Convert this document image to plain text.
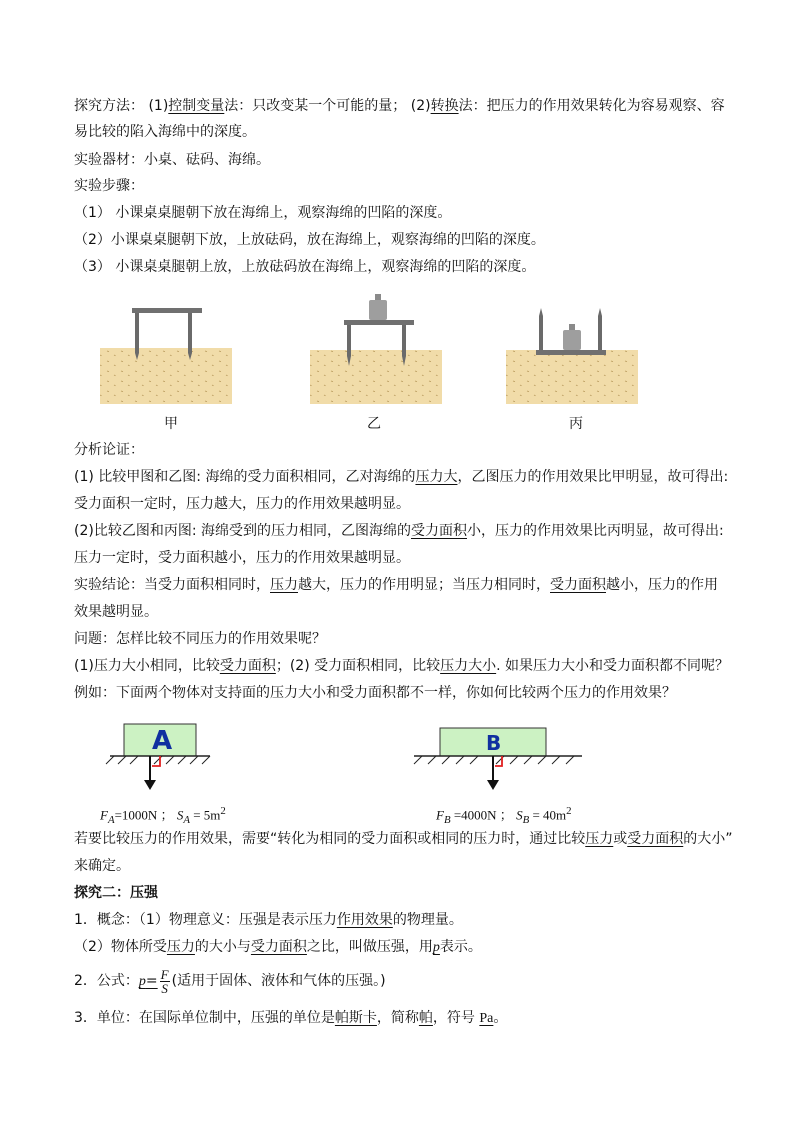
探究方法： (1)控制变量法：只改变某一个可能的量； (2)转换法：把压力的作用效果转化为容易观察、容
易比较的陷入海绵中的深度。
实验器材：小桌、砝码、海绵。
实验步骤：
（1） 小课桌桌腿朝下放在海绵上，观察海绵的凹陷的深度。
（2）小课桌桌腿朝下放，上放砝码，放在海绵上，观察海绵的凹陷的深度。
（3） 小课桌桌腿朝上放，上放砝码放在海绵上，观察海绵的凹陷的深度。
甲	乙	丙
分析论证：
(1) 比较甲图和乙图: 海绵的受力面积相同，乙对海绵的压力大，乙图压力的作用效果比甲明显，故可得出:
受力面积一定时，压力越大，压力的作用效果越明显。
(2)比较乙图和丙图: 海绵受到的压力相同，乙图海绵的受力面积小，压力的作用效果比丙明显，故可得出:
压力一定时，受力面积越小，压力的作用效果越明显。
实验结论：当受力面积相同时，压力越大，压力的作用明显；当压力相同时，受力面积越小，压力的作用
效果越明显。
问题：怎样比较不同压力的作用效果呢？
(1)压力大小相同，比较受力面积；(2) 受力面积相同，比较压力大小. 如果压力大小和受力面积都不同呢？
例如：下面两个物体对支持面的压力大小和受力面积都不一样，你如何比较两个压力的作用效果？
A	B
$F_A=1000N$ ； $S_A = 5m^2$	$F_B =4000N$ ； $S_B = 40m^2$
若要比较压力的作用效果，需要“转化为相同的受力面积或相同的压力时，通过比较压力或受力面积的大小”
来确定。
探究二：压强
1．概念：（1）物理意义：压强是表示压力作用效果的物理量。
（2）物体所受压力的大小与受力面积之比，叫做压强，用p表示。
2．公式：$p= \frac{F}{S}$ (适用于固体、液体和气体的压强。)
3．单位：在国际单位制中，压强的单位是帕斯卡，简称帕，符号 Pa。
